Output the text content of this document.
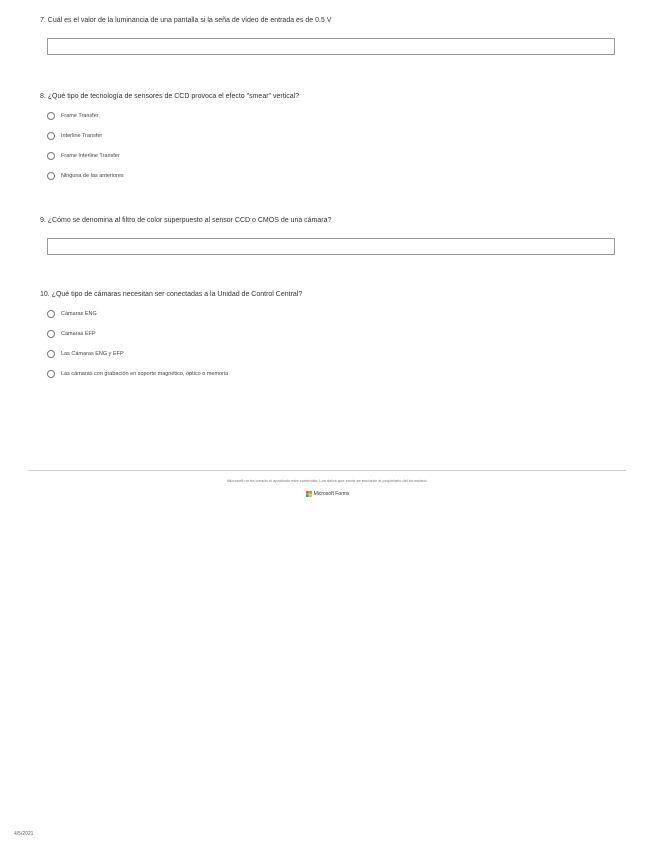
7. Cuál es el valor de la luminancia de una pantalla si la seña de vídeo de entrada es de 0.5 V
8. ¿Qué tipo de tecnología de sensores de CCD provoca el efecto "smear" vertical?
Frame Transfer
Interline Transfer
Frame Interline Transfer
Ninguna de las anteriores
9. ¿Cómo se denomina al filtro de color superpuesto al sensor CCD o CMOS de una cámara?
10. ¿Qué tipo de cámaras necesitan ser conectadas a la Unidad de Control Central?
Cámaras ENG
Cámaras EFP
Las Cámaras ENG y EFP
Las cámaras con grabación en soporte magnético, óptico o memoria
Microsoft no ha creado ni aprobado este contenido. Los datos que envíe se enviarán al propietario del formulario.
Microsoft Forms
4/5/2021
